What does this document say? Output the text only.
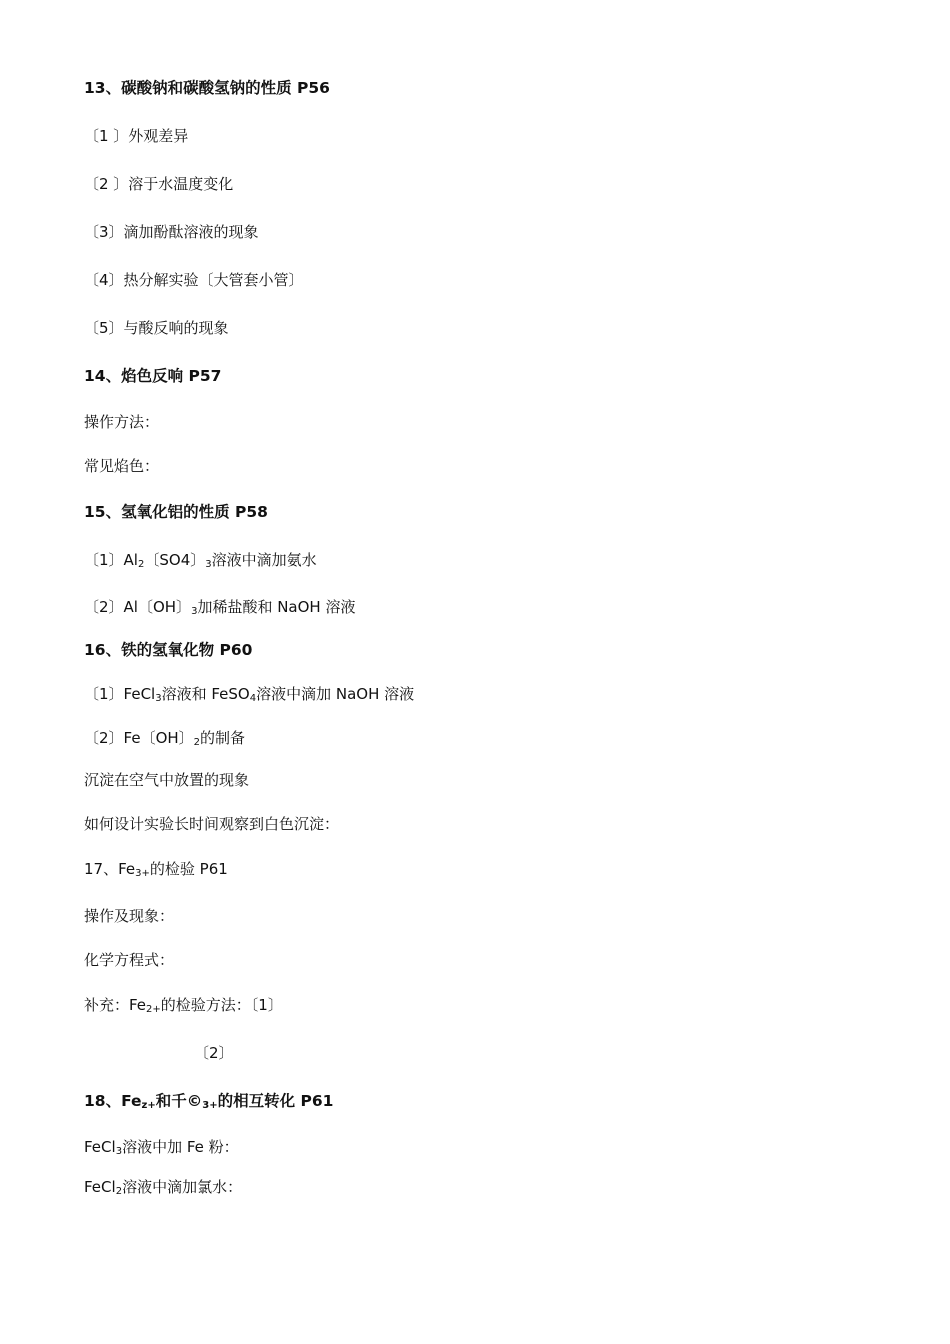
13、碳酸钠和碳酸氢钠的性质 P56
〔1 〕外观差异
〔2 〕溶于水温度变化
〔3〕滴加酚酞溶液的现象
〔4〕热分解实验〔大管套小管〕
〔5〕与酸反响的现象
14、焰色反响 P57
操作方法：
常见焰色：
15、氢氧化铝的性质 P58
〔1〕$Al_2$〔SO4〕$_3$溶液中滴加氨水
〔2〕Al〔OH〕$_3$加稀盐酸和 NaOH 溶液
16、铁的氢氧化物 P60
〔1〕FeCl$_3$溶液和 FeSO$_4$溶液中滴加 NaOH 溶液
〔2〕Fe〔OH〕$_2$的制备
沉淀在空气中放置的现象
如何设计实验长时间观察到白色沉淀：
17、$Fe_{3+}$的检验 P61
操作及现象：
化学方程式：
补充：$Fe_{2+}$的检验方法：〔1〕
〔2〕
18、$Fe_{z+}$和千$©_{3+}$的相互转化 P61
FeCl$_3$溶液中加 Fe 粉：
FeCl$_2$溶液中滴加氯水：
